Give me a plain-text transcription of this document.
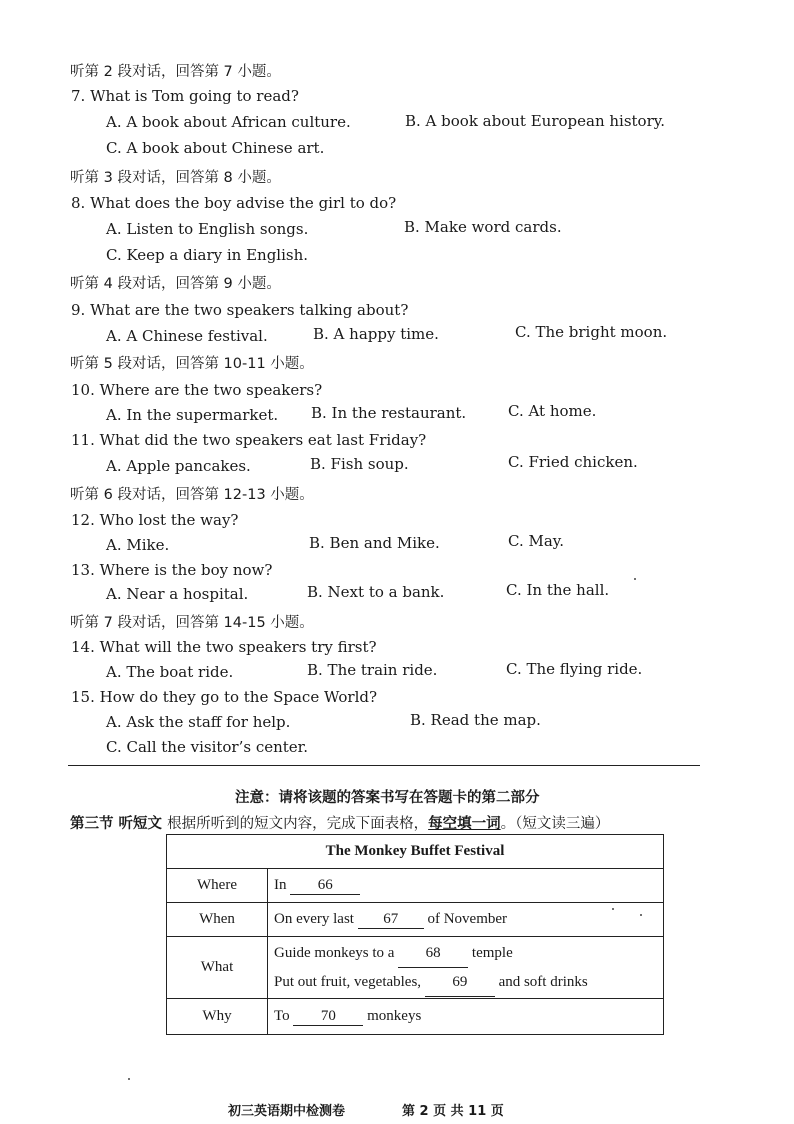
听第 2 段对话，回答第 7 小题。
7. What is Tom going to read?
A. A book about African culture.	B. A book about European history.
C. A book about Chinese art.
听第 3 段对话，回答第 8 小题。
8. What does the boy advise the girl to do?
A. Listen to English songs.	B. Make word cards.
C. Keep a diary in English.
听第 4 段对话，回答第 9 小题。
9. What are the two speakers talking about?
A. A Chinese festival.	B. A happy time.	C. The bright moon.
听第 5 段对话，回答第 10-11 小题。
10. Where are the two speakers?
A. In the supermarket. B. In the restaurant.	C. At home.
11. What did the two speakers eat last Friday?
A. Apple pancakes.	B. Fish soup.	C. Fried chicken.
听第 6 段对话，回答第 12-13 小题。
12. Who lost the way?
A. Mike.	B. Ben and Mike.	C. May.
13. Where is the boy now?
A. Near a hospital.	B. Next to a bank.	C. In the hall.
听第 7 段对话，回答第 14-15 小题。
14. What will the two speakers try first?
A. The boat ride.	B. The train ride.	C. The flying ride.
15. How do they go to the Space World?
A. Ask the staff for help.	B. Read the map.
C. Call the visitor’s center.
注意：请将该题的答案书写在答题卡的第二部分
第三节 听短文 根据所听到的短文内容，完成下面表格，每空填一词。（短文读三遍）
The Monkey Buffet Festival	
Where	In 66
When	On every last 67 of November
What	Guide monkeys to a 68 temple
Put out fruit, vegetables, 69 and soft drinks

Why	To 70 monkeys
初三英语期中检测卷	第 2 页 共 11 页
